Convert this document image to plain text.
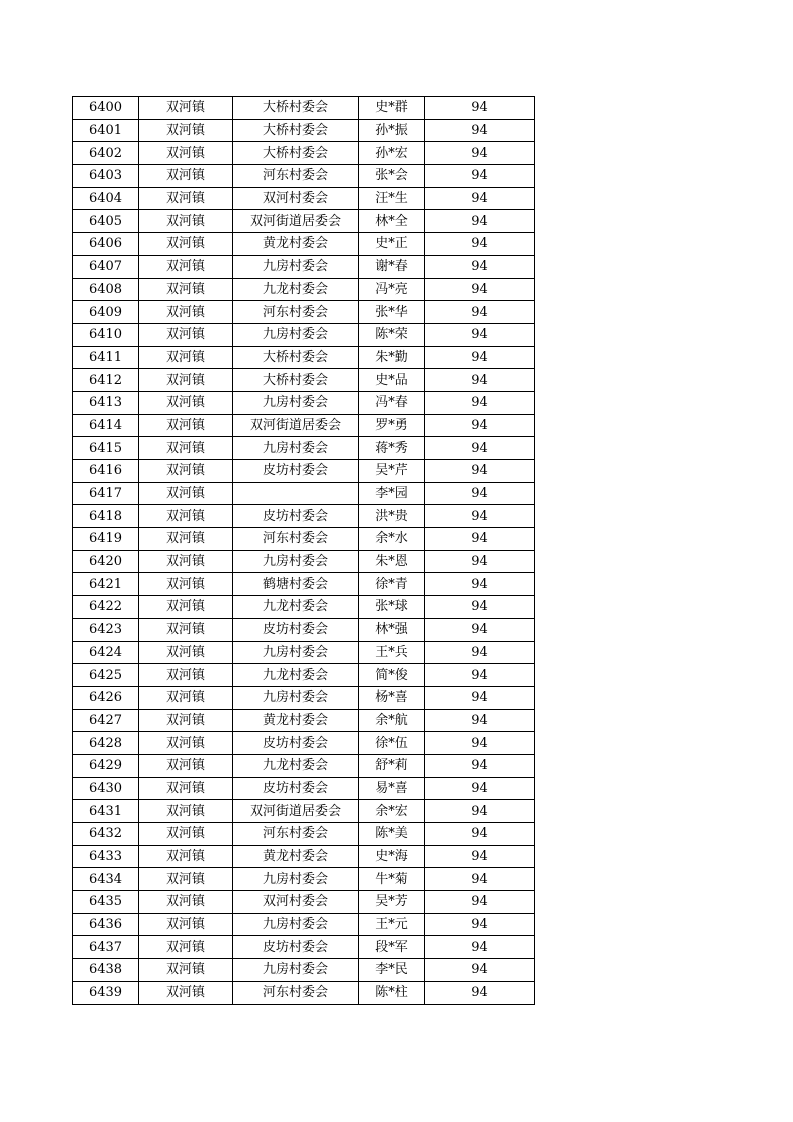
6400	双河镇	大桥村委会	史*群	94
6401	双河镇	大桥村委会	孙*振	94
6402	双河镇	大桥村委会	孙*宏	94
6403	双河镇	河东村委会	张*会	94
6404	双河镇	双河村委会	汪*生	94
6405	双河镇	双河街道居委会	林*全	94
6406	双河镇	黄龙村委会	史*正	94
6407	双河镇	九房村委会	谢*春	94
6408	双河镇	九龙村委会	冯*亮	94
6409	双河镇	河东村委会	张*华	94
6410	双河镇	九房村委会	陈*荣	94
6411	双河镇	大桥村委会	朱*勤	94
6412	双河镇	大桥村委会	史*品	94
6413	双河镇	九房村委会	冯*春	94
6414	双河镇	双河街道居委会	罗*勇	94
6415	双河镇	九房村委会	蒋*秀	94
6416	双河镇	皮坊村委会	吴*芹	94
6417	双河镇		李*园	94
6418	双河镇	皮坊村委会	洪*贵	94
6419	双河镇	河东村委会	余*水	94
6420	双河镇	九房村委会	朱*恩	94
6421	双河镇	鹤塘村委会	徐*青	94
6422	双河镇	九龙村委会	张*球	94
6423	双河镇	皮坊村委会	林*强	94
6424	双河镇	九房村委会	王*兵	94
6425	双河镇	九龙村委会	简*俊	94
6426	双河镇	九房村委会	杨*喜	94
6427	双河镇	黄龙村委会	余*航	94
6428	双河镇	皮坊村委会	徐*伍	94
6429	双河镇	九龙村委会	舒*莉	94
6430	双河镇	皮坊村委会	易*喜	94
6431	双河镇	双河街道居委会	余*宏	94
6432	双河镇	河东村委会	陈*美	94
6433	双河镇	黄龙村委会	史*海	94
6434	双河镇	九房村委会	牛*菊	94
6435	双河镇	双河村委会	吴*芳	94
6436	双河镇	九房村委会	王*元	94
6437	双河镇	皮坊村委会	段*军	94
6438	双河镇	九房村委会	李*民	94
6439	双河镇	河东村委会	陈*柱	94
